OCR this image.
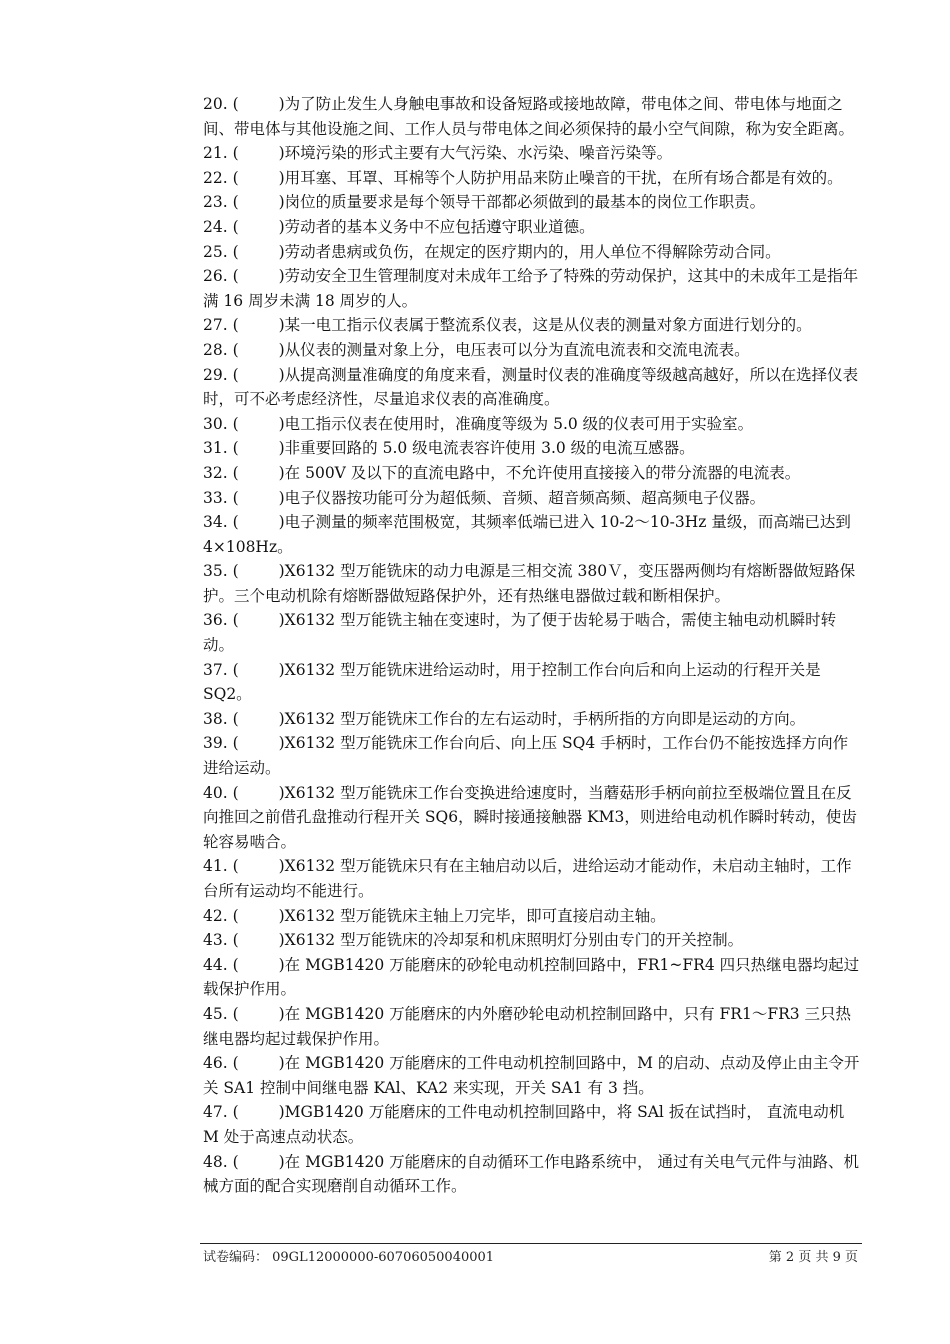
20. (	)为了防止发生人身触电事故和设备短路或接地故障，带电体之间、带电体与地面之间、带电体与其他设施之间、工作人员与带电体之间必须保持的最小空气间隙，称为安全距离。

21. (	)环境污染的形式主要有大气污染、水污染、噪音污染等。

22. (	)用耳塞、耳罩、耳棉等个人防护用品来防止噪音的干扰，在所有场合都是有效的。

23. (	)岗位的质量要求是每个领导干部都必须做到的最基本的岗位工作职责。

24. (	)劳动者的基本义务中不应包括遵守职业道德。

25. (	)劳动者患病或负伤，在规定的医疗期内的，用人单位不得解除劳动合同。

26. (	)劳动安全卫生管理制度对未成年工给予了特殊的劳动保护，这其中的未成年工是指年满 16 周岁未满 18 周岁的人。

27. (	)某一电工指示仪表属于整流系仪表，这是从仪表的测量对象方面进行划分的。

28. (	)从仪表的测量对象上分，电压表可以分为直流电流表和交流电流表。

29. (	)从提高测量准确度的角度来看，测量时仪表的准确度等级越高越好，所以在选择仪表时，可不必考虑经济性，尽量追求仪表的高准确度。

30. (	)电工指示仪表在使用时，准确度等级为 5.0 级的仪表可用于实验室。

31. (	)非重要回路的 5.0 级电流表容许使用 3.0 级的电流互感器。

32. (	)在 500V 及以下的直流电路中，不允许使用直接接入的带分流器的电流表。

33. (	)电子仪器按功能可分为超低频、音频、超音频高频、超高频电子仪器。

34. (	)电子测量的频率范围极宽，其频率低端已进入 10-2～10-3Hz 量级，而高端已达到 4×108Hz。

35. (	)X6132 型万能铣床的动力电源是三相交流 380Ｖ，变压器两侧均有熔断器做短路保护。三个电动机除有熔断器做短路保护外，还有热继电器做过载和断相保护。

36. (	)X6132 型万能铣主轴在变速时，为了便于齿轮易于啮合，需使主轴电动机瞬时转动。

37. (	)X6132 型万能铣床进给运动时，用于控制工作台向后和向上运动的行程开关是 SQ2。

38. (	)X6132 型万能铣床工作台的左右运动时，手柄所指的方向即是运动的方向。

39. (	)X6132 型万能铣床工作台向后、向上压 SQ4 手柄时，工作台仍不能按选择方向作进给运动。

40. (	)X6132 型万能铣床工作台变换进给速度时，当蘑菇形手柄向前拉至极端位置且在反向推回之前借孔盘推动行程开关 SQ6，瞬时接通接触器 KM3，则进给电动机作瞬时转动，使齿轮容易啮合。

41. (	)X6132 型万能铣床只有在主轴启动以后，进给运动才能动作，未启动主轴时，工作台所有运动均不能进行。

42. (	)X6132 型万能铣床主轴上刀完毕，即可直接启动主轴。

43. (	)X6132 型万能铣床的冷却泵和机床照明灯分别由专门的开关控制。

44. (	)在 MGB1420 万能磨床的砂轮电动机控制回路中，FR1~FR4 四只热继电器均起过载保护作用。

45. (	)在 MGB1420 万能磨床的内外磨砂轮电动机控制回路中，只有 FR1～FR3 三只热继电器均起过载保护作用。

46. (	)在 MGB1420 万能磨床的工件电动机控制回路中，M 的启动、点动及停止由主令开关 SA1 控制中间继电器 KAl、KA2 来实现，开关 SA1 有 3 挡。

47. (	)MGB1420 万能磨床的工件电动机控制回路中，将 SAl 扳在试挡时， 直流电动机 M 处于高速点动状态。

48. (	)在 MGB1420 万能磨床的自动循环工作电路系统中， 通过有关电气元件与油路、机械方面的配合实现磨削自动循环工作。

试卷编码： 09GL12000000-60706050040001	第 2 页 共 9 页
